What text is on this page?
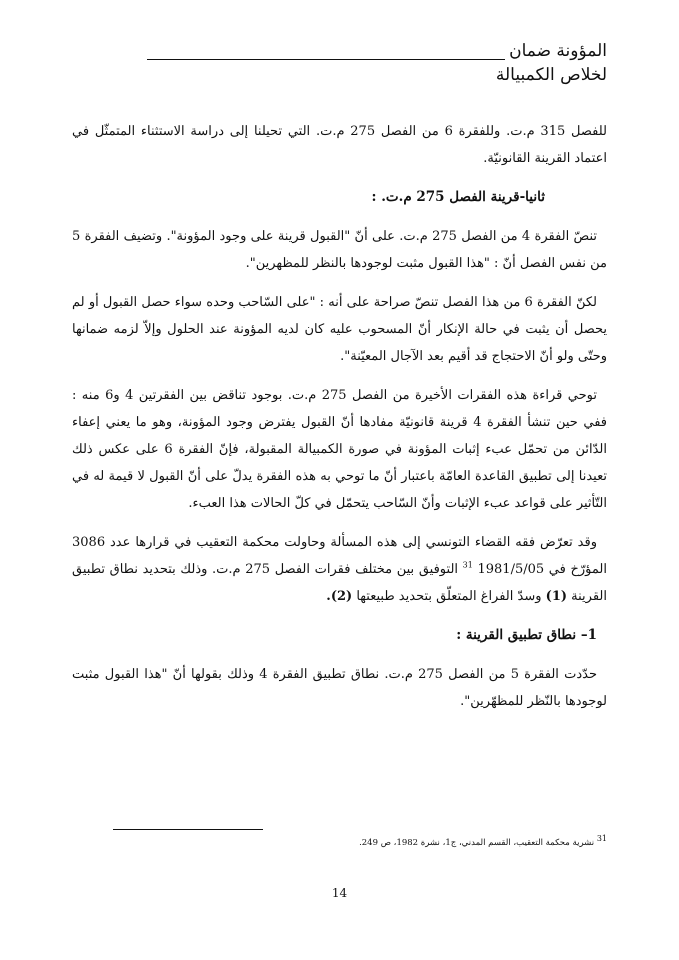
المؤونة ضمان
لخلاص الكمبيالة

للفصل 315 م.ت. وللفقرة 6 من الفصل 275 م.ت. التي تحيلنا إلى دراسة الاستثناء المتمثّل في اعتماد القرينة القانونيّة.

ثانيا-قرينة الفصل 275 م.ت. :

تنصّ الفقرة 4 من الفصل 275 م.ت. على أنّ "القبول قرينة على وجود المؤونة". وتضيف الفقرة 5 من نفس الفصل أنّ : "هذا القبول مثبت لوجودها بالنظر للمظهرين".

لكنّ الفقرة 6 من هذا الفصل تنصّ صراحة على أنه : "على السّاحب وحده سواء حصل القبول أو لم يحصل أن يثبت في حالة الإنكار أنّ المسحوب عليه كان لديه المؤونة عند الحلول وإلاّ لزمه ضمانها وحتّى ولو أنّ الاحتجاج قد أقيم بعد الآجال المعيّنة".

توحي قراءة هذه الفقرات الأخيرة من الفصل 275 م.ت. بوجود تناقض بين الفقرتين 4 و6 منه : ففي حين تنشأ الفقرة 4 قرينة قانونيّة مفادها أنّ القبول يفترض وجود المؤونة، وهو ما يعني إعفاء الدّائن من تحمّل عبء إثبات المؤونة في صورة الكمبيالة المقبولة، فإنّ الفقرة 6 على عكس ذلك تعيدنا إلى تطبيق القاعدة العامّة باعتبار أنّ ما توحي به هذه الفقرة يدلّ على أنّ القبول لا قيمة له في التّأثير على قواعد عبء الإثبات وأنّ السّاحب يتحمّل في كلّ الحالات هذا العبء.

وقد تعرّض فقه القضاء التونسي إلى هذه المسألة وحاولت محكمة التعقيب في قرارها عدد 3086 المؤرّخ في 1981/5/05 $^{31}$ التوفيق بين مختلف فقرات الفصل 275 م.ت. وذلك بتحديد نطاق تطبيق القرينة (1) وسدّ الفراغ المتعلّق بتحديد طبيعتها (2).

1– نطاق تطبيق القرينة :

حدّدت الفقرة 5 من الفصل 275 م.ت. نطاق تطبيق الفقرة 4 وذلك بقولها أنّ "هذا القبول مثبت لوجودها بالنّظر للمظهّرين".

$^{31}$ نشرية محكمة التعقيب، القسم المدني، ج1، نشرة 1982، ص 249.
14
